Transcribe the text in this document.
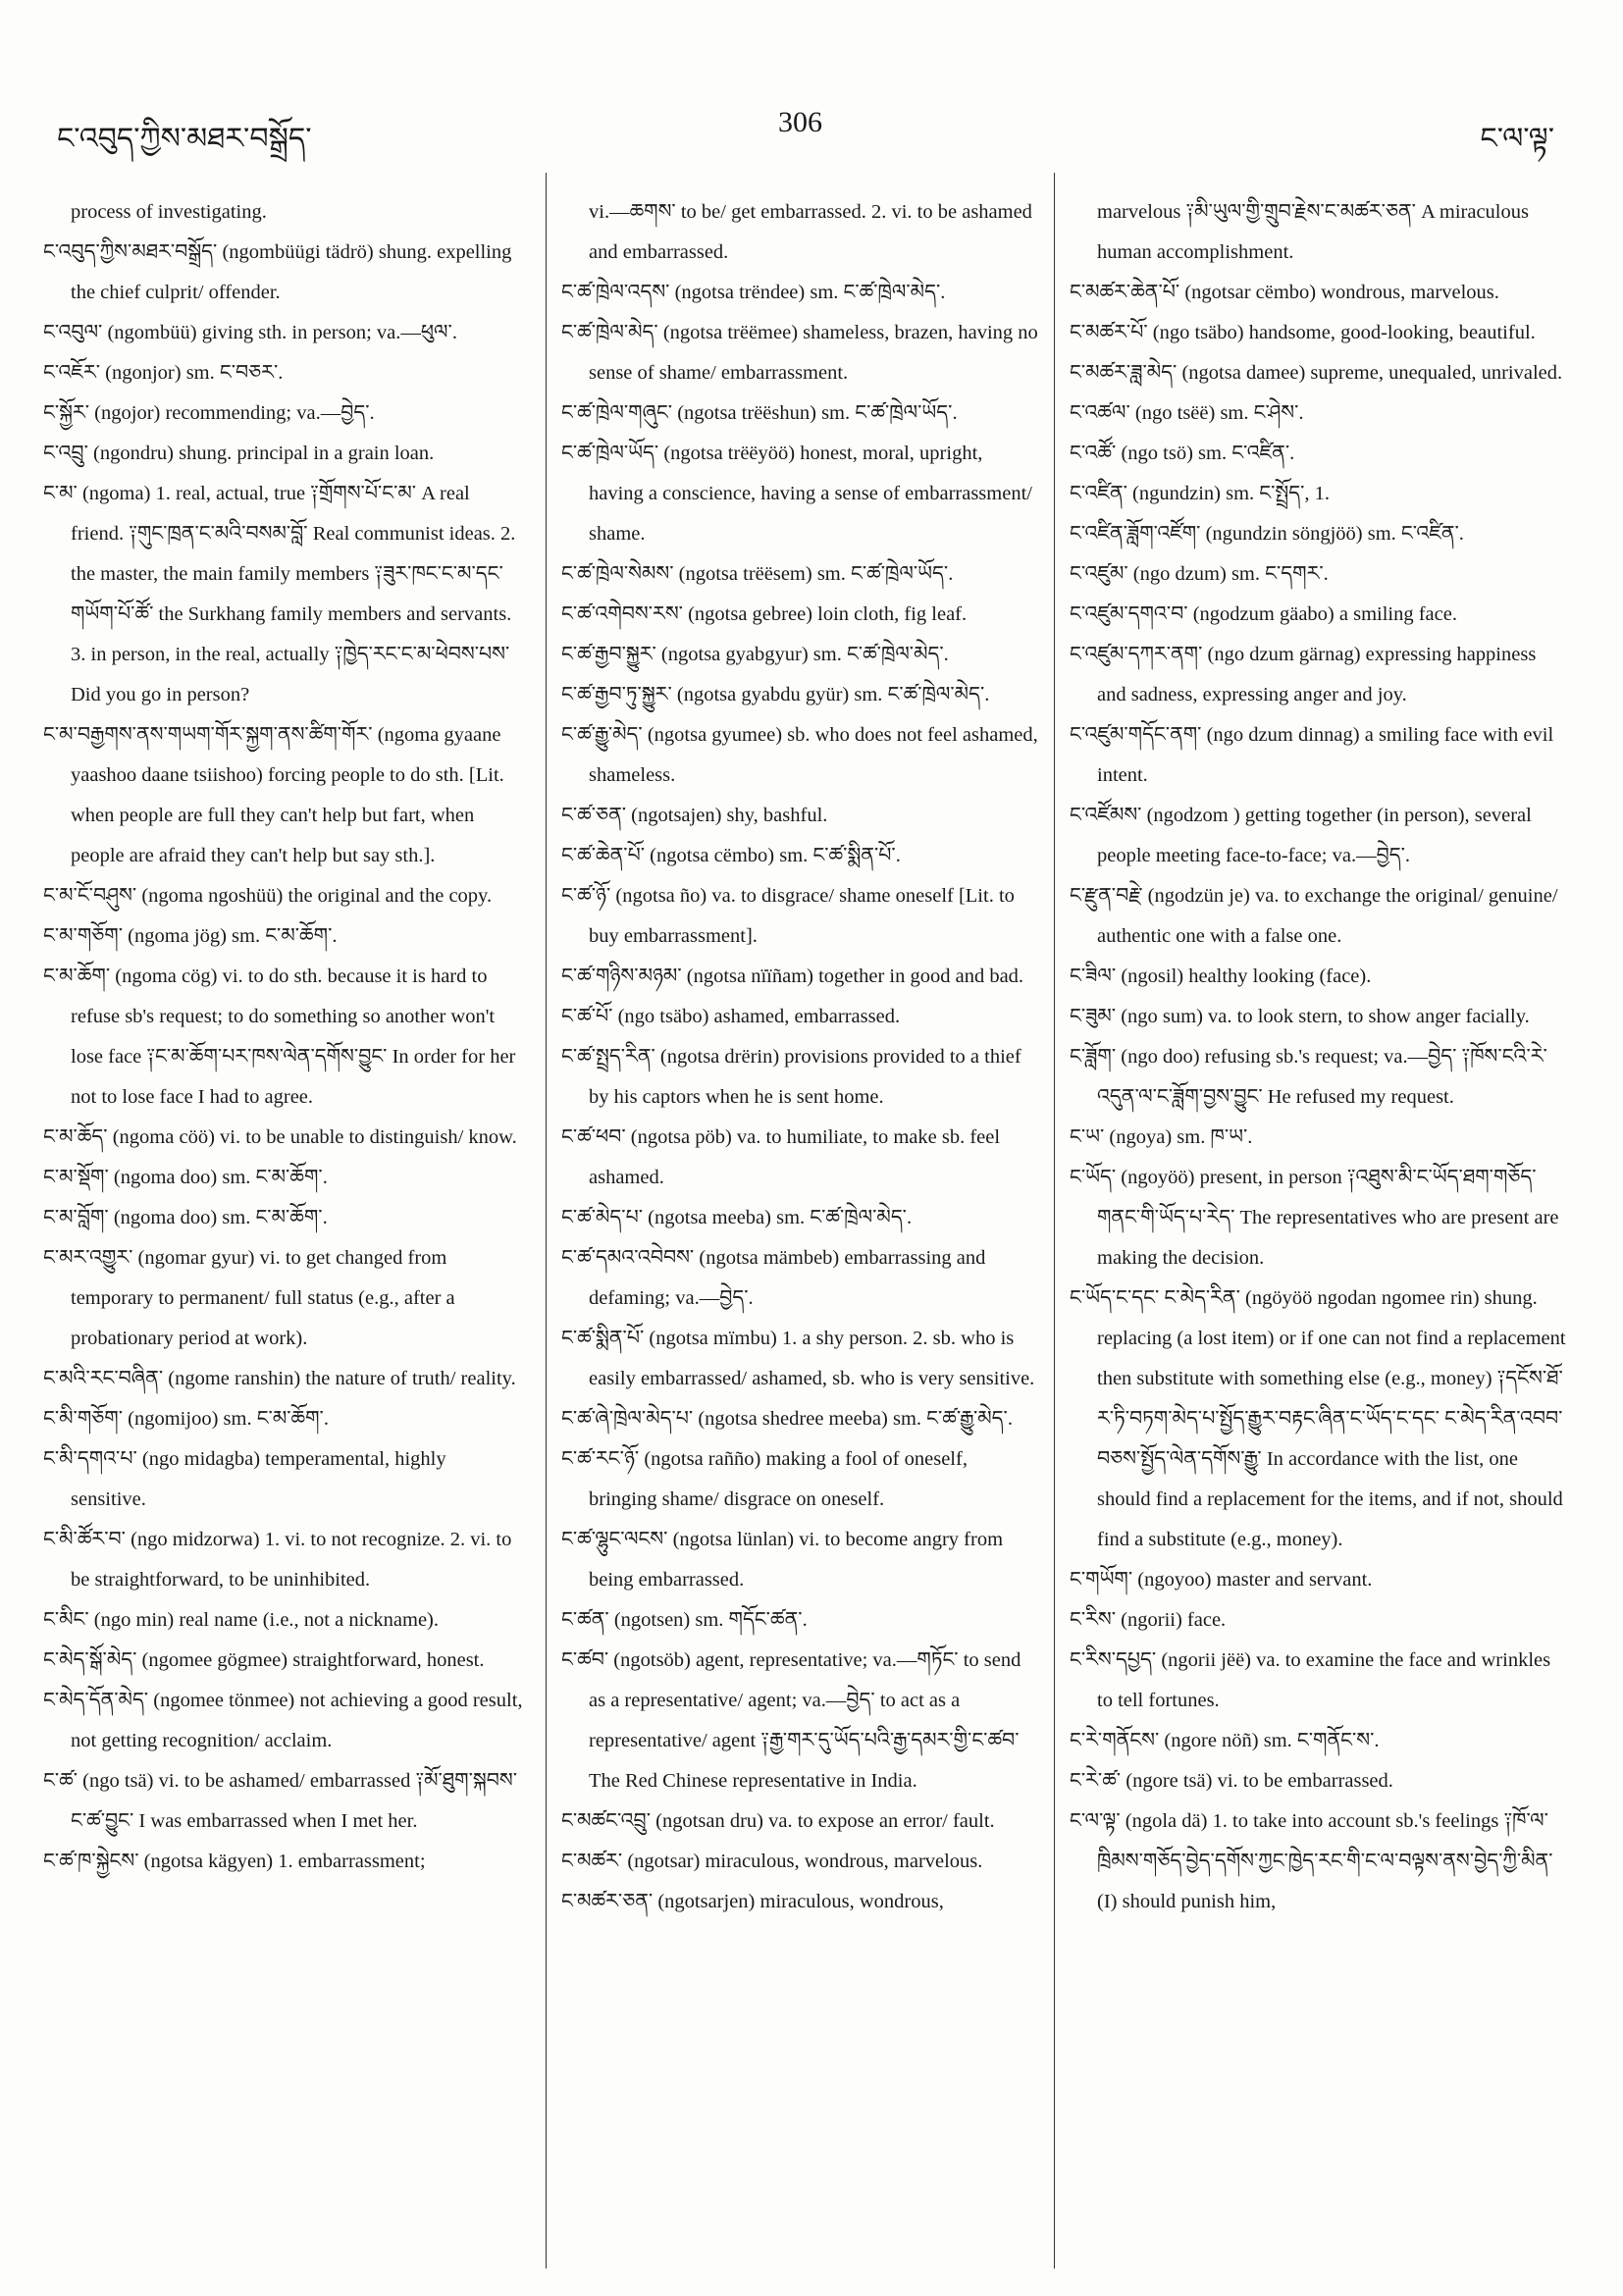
ང་འབུད་ཀྱིས་མཐར་བསྒྲོད་
306
ང་ལ་ལྟ་
process of investigating.
ང་འབུད་ཀྱིས་མཐར་བསྒྲོད་ (ngombüügi tädrö) shung. expelling the chief culprit/ offender.
ང་འབུལ་ (ngombüü) giving sth. in person; va.—ཕུལ་.
ང་འཇོར་ (ngonjor) sm. ང་བཅར་.
ང་སྐྱོར་ (ngojor) recommending; va.—བྱེད་.
ང་འབྲུ་ (ngondru) shung. principal in a grain loan.
ང་མ་ (ngoma) 1. real, actual, true ༑གྲོགས་པོ་ང་མ་ A real friend. ༑གུང་ཁྲན་ང་མའི་བསམ་བློ་ Real communist ideas. 2. the master, the main family members ༑ཟུར་ཁང་ང་མ་དང་གཡོག་པོ་ཚོ་ the Surkhang family members and servants. 3. in person, in the real, actually ༑ཁྱེད་རང་ང་མ་ཕེབས་པས་ Did you go in person?
ང་མ་བརྒྱགས་ནས་གཡག་གོར་སྐྱག་ནས་ཚིག་གོར་ (ngoma gyaane yaashoo daane tsiishoo) forcing people to do sth. [Lit. when people are full they can't help but fart, when people are afraid they can't help but say sth.].
ང་མ་ངོ་བཤུས་ (ngoma ngoshüü) the original and the copy.
ང་མ་གཅོག་ (ngoma jög) sm. ང་མ་ཆོག་.
ང་མ་ཆོག་ (ngoma cög) vi. to do sth. because it is hard to refuse sb's request; to do something so another won't lose face ༑ང་མ་ཆོག་པར་ཁས་ལེན་དགོས་བྱུང་ In order for her not to lose face I had to agree.
ང་མ་ཆོད་ (ngoma cöö) vi. to be unable to distinguish/ know.
ང་མ་སྡོག་ (ngoma doo) sm. ང་མ་ཆོག་.
ང་མ་བློག་ (ngoma doo) sm. ང་མ་ཆོག་.
ང་མར་འགྱུར་ (ngomar gyur) vi. to get changed from temporary to permanent/ full status (e.g., after a probationary period at work).
ང་མའི་རང་བཞིན་ (ngome ranshin) the nature of truth/ reality.
ང་མི་གཅོག་ (ngomijoo) sm. ང་མ་ཆོག་.
ང་མི་དགའ་པ་ (ngo midagba) temperamental, highly sensitive.
ང་མི་ཚོར་བ་ (ngo midzorwa) 1. vi. to not recognize. 2. vi. to be straightforward, to be uninhibited.
ང་མིང་ (ngo min) real name (i.e., not a nickname).
ང་མེད་སྒོ་མེད་ (ngomee gögmee) straightforward, honest.
ང་མེད་དོན་མེད་ (ngomee tönmee) not achieving a good result, not getting recognition/ acclaim.
ང་ཚ་ (ngo tsä) vi. to be ashamed/ embarrassed ༑མོ་ཐུག་སྐབས་ང་ཚ་བྱུང་ I was embarrassed when I met her.
ང་ཚ་ཁ་སྐྱེངས་ (ngotsa kägyen) 1. embarrassment;
vi.—ཆགས་ to be/ get embarrassed. 2. vi. to be ashamed and embarrassed.
ང་ཚ་ཁྲེལ་འདས་ (ngotsa trëndee) sm. ང་ཚ་ཁྲེལ་མེད་.
ང་ཚ་ཁྲེལ་མེད་ (ngotsa trëëmee) shameless, brazen, having no sense of shame/ embarrassment.
ང་ཚ་ཁྲེལ་གཞུང་ (ngotsa trëëshun) sm. ང་ཚ་ཁྲེལ་ཡོད་.
ང་ཚ་ཁྲེལ་ཡོད་ (ngotsa trëëyöö) honest, moral, upright, having a conscience, having a sense of embarrassment/ shame.
ང་ཚ་ཁྲེལ་སེམས་ (ngotsa trëësem) sm. ང་ཚ་ཁྲེལ་ཡོད་.
ང་ཚ་འགེབས་རས་ (ngotsa gebree) loin cloth, fig leaf.
ང་ཚ་རྒྱབ་སྐྱུར་ (ngotsa gyabgyur) sm. ང་ཚ་ཁྲེལ་མེད་.
ང་ཚ་རྒྱབ་ཏུ་སྐྱུར་ (ngotsa gyabdu gyür) sm. ང་ཚ་ཁྲེལ་མེད་.
ང་ཚ་རྒྱུ་མེད་ (ngotsa gyumee) sb. who does not feel ashamed, shameless.
ང་ཚ་ཅན་ (ngotsajen) shy, bashful.
ང་ཚ་ཆེན་པོ་ (ngotsa cëmbo) sm. ང་ཚ་སྨིན་པོ་.
ང་ཚ་ཉོ་ (ngotsa ño) va. to disgrace/ shame oneself [Lit. to buy embarrassment].
ང་ཚ་གཉིས་མཉམ་ (ngotsa nïïñam) together in good and bad.
ང་ཚ་པོ་ (ngo tsäbo) ashamed, embarrassed.
ང་ཚ་སྤྲད་རིན་ (ngotsa drërin) provisions provided to a thief by his captors when he is sent home.
ང་ཚ་ཕབ་ (ngotsa pöb) va. to humiliate, to make sb. feel ashamed.
ང་ཚ་མེད་པ་ (ngotsa meeba) sm. ང་ཚ་ཁྲེལ་མེད་.
ང་ཚ་དམའ་འབེབས་ (ngotsa mämbeb) embarrassing and defaming; va.—བྱེད་.
ང་ཚ་སྨིན་པོ་ (ngotsa mïmbu) 1. a shy person. 2. sb. who is easily embarrassed/ ashamed, sb. who is very sensitive.
ང་ཚ་ཞེ་ཁྲེལ་མེད་པ་ (ngotsa shedree meeba) sm. ང་ཚ་རྒྱུ་མེད་.
ང་ཚ་རང་ཉོ་ (ngotsa rañño) making a fool of oneself, bringing shame/ disgrace on oneself.
ང་ཚ་ལྷུང་ལངས་ (ngotsa lünlan) vi. to become angry from being embarrassed.
ང་ཚན་ (ngotsen) sm. གདོང་ཚན་.
ང་ཚབ་ (ngotsöb) agent, representative; va.—གཏོང་ to send as a representative/ agent; va.—བྱེད་ to act as a representative/ agent ༑རྒྱ་གར་དུ་ཡོད་པའི་རྒྱ་དམར་གྱི་ང་ཚབ་ The Red Chinese representative in India.
ང་མཚང་འབྲུ་ (ngotsan dru) va. to expose an error/ fault.
ང་མཚར་ (ngotsar) miraculous, wondrous, marvelous.
ང་མཚར་ཅན་ (ngotsarjen) miraculous, wondrous,
marvelous ༑མི་ཡུལ་གྱི་གྲུབ་རྗེས་ང་མཚར་ཅན་ A miraculous human accomplishment.
ང་མཚར་ཆེན་པོ་ (ngotsar cëmbo) wondrous, marvelous.
ང་མཚར་པོ་ (ngo tsäbo) handsome, good-looking, beautiful.
ང་མཚར་ཟླ་མེད་ (ngotsa damee) supreme, unequaled, unrivaled.
ང་འཚལ་ (ngo tsëë) sm. ང་ཤེས་.
ང་འཚོ་ (ngo tsö) sm. ང་འཛིན་.
ང་འཛིན་ (ngundzin) sm. ང་སྤྲོད་, 1.
ང་འཛིན་ཟློག་འཛོག་ (ngundzin söngjöö) sm. ང་འཛིན་.
ང་འཛུམ་ (ngo dzum) sm. ང་དགར་.
ང་འཛུམ་དགའ་བ་ (ngodzum gäabo) a smiling face.
ང་འཛུམ་དཀར་ནག་ (ngo dzum gärnag) expressing happiness and sadness, expressing anger and joy.
ང་འཛུམ་གདོང་ནག་ (ngo dzum dinnag) a smiling face with evil intent.
ང་འཛོམས་ (ngodzom ) getting together (in person), several people meeting face-to-face; va.—བྱེད་.
ང་རྫུན་བརྗེ་ (ngodzün je) va. to exchange the original/ genuine/ authentic one with a false one.
ང་ཟིལ་ (ngosil) healthy looking (face).
ང་ཟུམ་ (ngo sum) va. to look stern, to show anger facially.
ང་ཟློག་ (ngo doo) refusing sb.'s request; va.—བྱེད་ ༑ཁོས་ངའི་རེ་འདུན་ལ་ང་ཟློག་བྱས་བྱུང་ He refused my request.
ང་ཡ་ (ngoya) sm. ཁ་ཡ་.
ང་ཡོད་ (ngoyöö) present, in person ༑འཐུས་མི་ང་ཡོད་ཐག་གཅོད་གནང་གི་ཡོད་པ་རེད་ The representatives who are present are making the decision.
ང་ཡོད་ང་དང་ ང་མེད་རིན་ (ngöyöö ngodan ngomee rin) shung. replacing (a lost item) or if one can not find a replacement then substitute with something else (e.g., money) ༑དངོས་ཐོ་ར་ཏི་བཏག་མེད་པ་སྤྱོད་རྒྱུར་བརྟང་ཞིན་ང་ཡོད་ང་དང་ ང་མེད་རིན་འབབ་བཅས་སྤྱོད་ལེན་དགོས་རྒྱུ་ In accordance with the list, one should find a replacement for the items, and if not, should find a substitute (e.g., money).
ང་གཡོག་ (ngoyoo) master and servant.
ང་རིས་ (ngorii) face.
ང་རིས་དཔྱད་ (ngorii jëë) va. to examine the face and wrinkles to tell fortunes.
ང་རེ་གནོངས་ (ngore nöñ) sm. ང་གནོང་ས་.
ང་རེ་ཚ་ (ngore tsä) vi. to be embarrassed.
ང་ལ་ལྟ་ (ngola dä) 1. to take into account sb.'s feelings ༑ཁོ་ལ་ཁྲིམས་གཅོད་བྱེད་དགོས་ཀྱང་ཁྱེད་རང་གི་ང་ལ་བལྟས་ནས་བྱེད་ཀྱི་མིན་ (I) should punish him,
